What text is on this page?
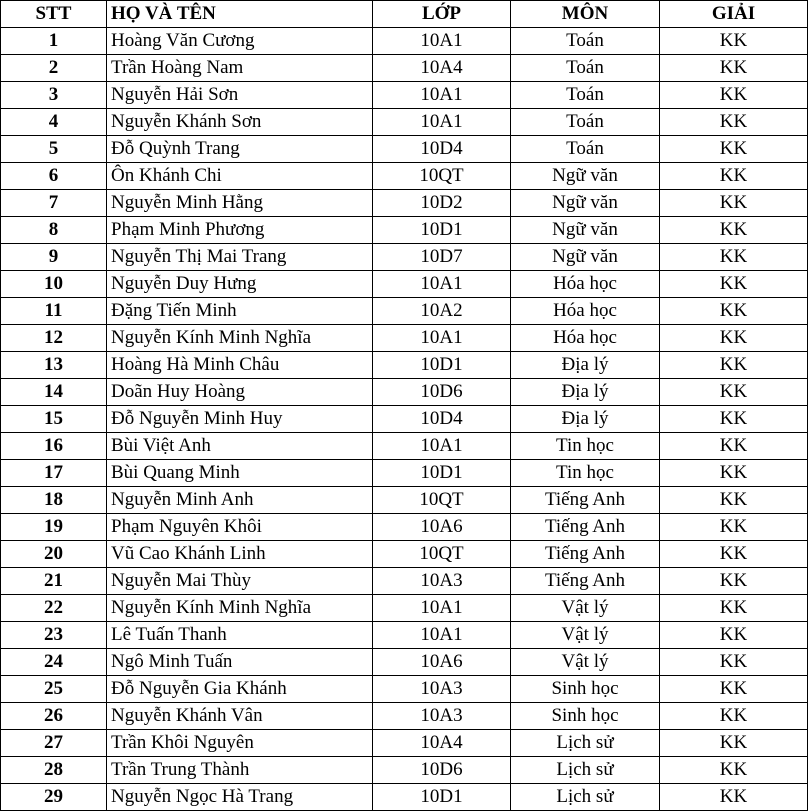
STT	HỌ VÀ TÊN	LỚP	MÔN	GIẢI
1	Hoàng Văn Cương	10A1	Toán	KK
2	Trần Hoàng Nam	10A4	Toán	KK
3	Nguyễn Hải Sơn	10A1	Toán	KK
4	Nguyễn Khánh Sơn	10A1	Toán	KK
5	Đỗ Quỳnh Trang	10D4	Toán	KK
6	Ôn Khánh Chi	10QT	Ngữ văn	KK
7	Nguyễn Minh Hằng	10D2	Ngữ văn	KK
8	Phạm Minh Phương	10D1	Ngữ văn	KK
9	Nguyễn Thị Mai Trang	10D7	Ngữ văn	KK
10	Nguyễn Duy Hưng	10A1	Hóa học	KK
11	Đặng Tiến Minh	10A2	Hóa học	KK
12	Nguyễn Kính Minh Nghĩa	10A1	Hóa học	KK
13	Hoàng Hà Minh Châu	10D1	Địa lý	KK
14	Doãn Huy Hoàng	10D6	Địa lý	KK
15	Đỗ Nguyễn Minh Huy	10D4	Địa lý	KK
16	Bùi Việt Anh	10A1	Tin học	KK
17	Bùi Quang Minh	10D1	Tin học	KK
18	Nguyễn Minh Anh	10QT	Tiếng Anh	KK
19	Phạm Nguyên Khôi	10A6	Tiếng Anh	KK
20	Vũ Cao Khánh Linh	10QT	Tiếng Anh	KK
21	Nguyễn Mai Thùy	10A3	Tiếng Anh	KK
22	Nguyễn Kính Minh Nghĩa	10A1	Vật lý	KK
23	Lê Tuấn Thanh	10A1	Vật lý	KK
24	Ngô Minh Tuấn	10A6	Vật lý	KK
25	Đỗ Nguyễn Gia Khánh	10A3	Sinh học	KK
26	Nguyễn Khánh Vân	10A3	Sinh học	KK
27	Trần Khôi Nguyên	10A4	Lịch sử	KK
28	Trần Trung Thành	10D6	Lịch sử	KK
29	Nguyễn Ngọc Hà Trang	10D1	Lịch sử	KK
